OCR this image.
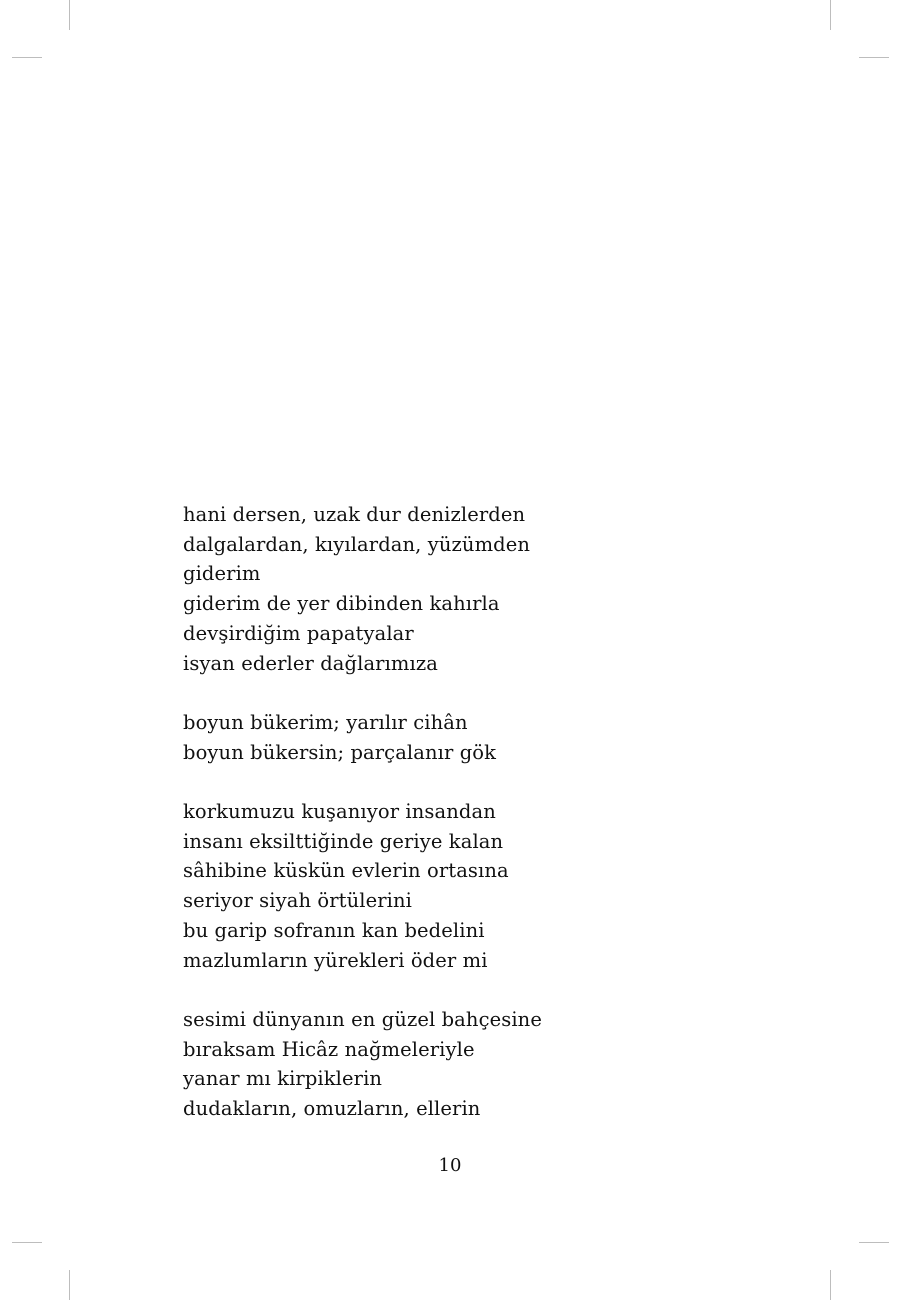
hani dersen, uzak dur denizlerden
dalgalardan, kıyılardan, yüzümden
giderim
giderim de yer dibinden kahırla
devşirdiğim papatyalar
isyan ederler dağlarımıza
boyun bükerim; yarılır cihân
boyun bükersin; parçalanır gök
korkumuzu kuşanıyor insandan
insanı eksilttiğinde geriye kalan
sâhibine küskün evlerin ortasına
seriyor siyah örtülerini
bu garip sofranın kan bedelini
mazlumların yürekleri öder mi
sesimi dünyanın en güzel bahçesine
bıraksam Hicâz nağmeleriyle
yanar mı kirpiklerin
dudakların, omuzların, ellerin
10
